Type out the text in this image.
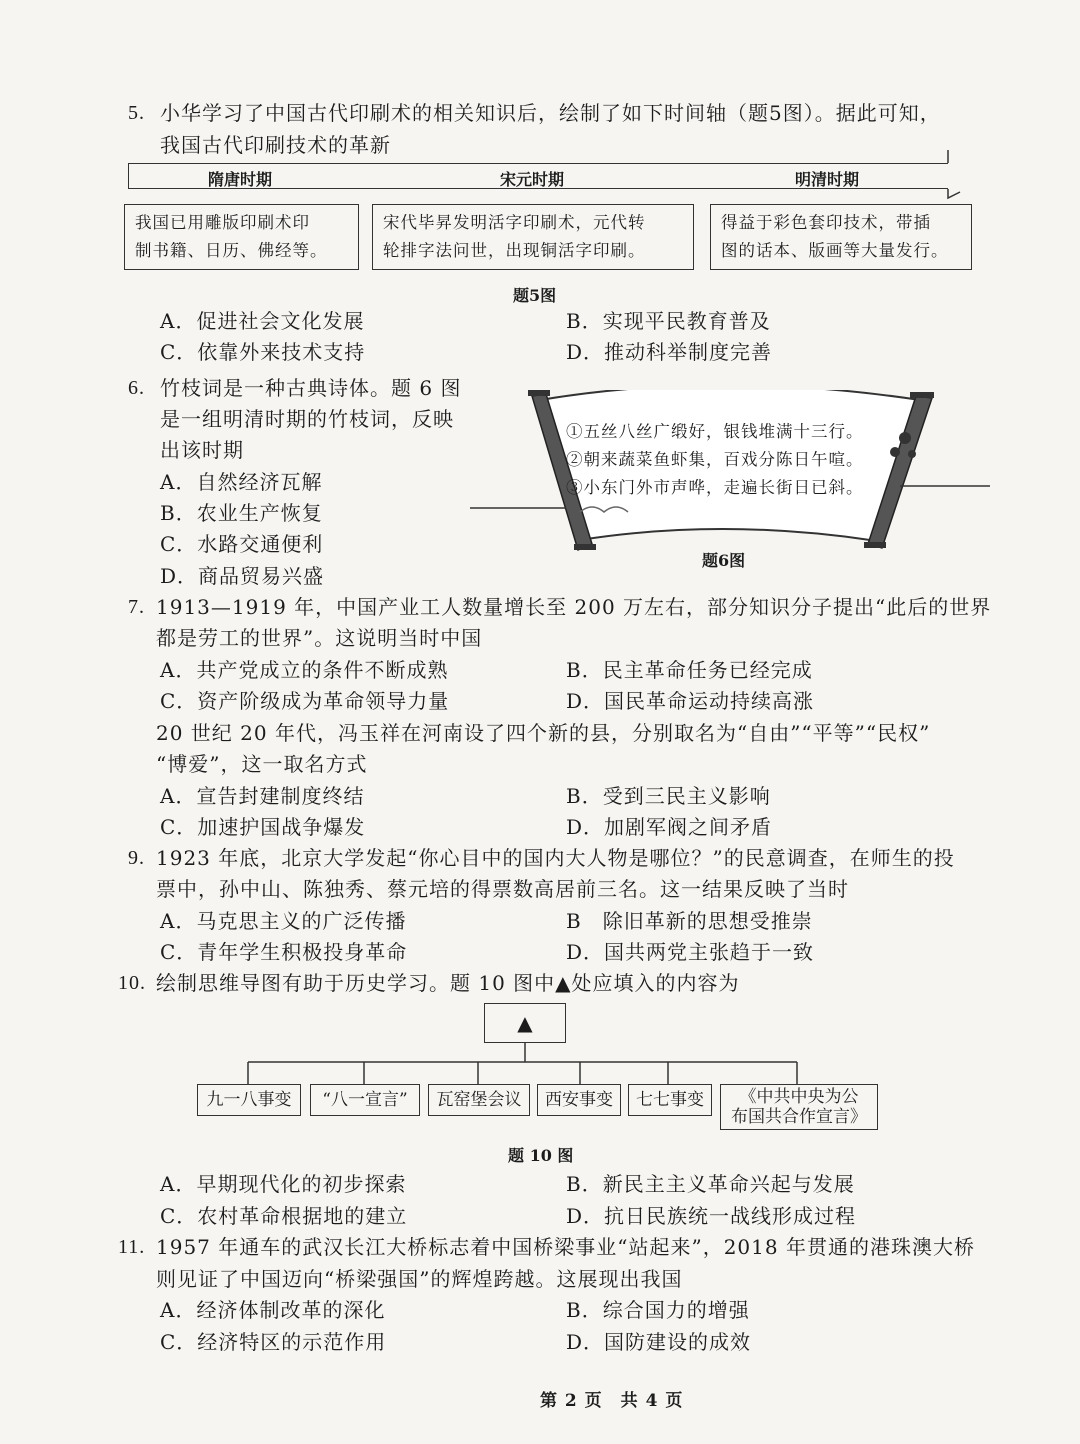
5. 小华学习了中国古代印刷术的相关知识后，绘制了如下时间轴（题5图）。据此可知，
我国古代印刷技术的革新
隋唐时期	宋元时期	明清时期
我国已用雕版印刷术印
制书籍、日历、佛经等。
宋代毕昇发明活字印刷术，元代转
轮排字法问世，出现铜活字印刷。
得益于彩色套印技术，带插
图的话本、版画等大量发行。
题5图
A．促进社会文化发展	B．实现平民教育普及
C．依靠外来技术支持	D．推动科举制度完善
6. 竹枝词是一种古典诗体。题 6 图
是一组明清时期的竹枝词，反映
出该时期
A．自然经济瓦解
B．农业生产恢复
C．水路交通便利
D．商品贸易兴盛
①五丝八丝广缎好，银钱堆满十三行。
②朝来蔬菜鱼虾集，百戏分陈日午喧。
③小东门外市声哗，走遍长街日已斜。
题6图
7. 1913—1919 年，中国产业工人数量增长至 200 万左右，部分知识分子提出“此后的世界
都是劳工的世界”。这说明当时中国
A．共产党成立的条件不断成熟	B．民主革命任务已经完成
C．资产阶级成为革命领导力量	D．国民革命运动持续高涨
20 世纪 20 年代，冯玉祥在河南设了四个新的县，分别取名为“自由”“平等”“民权”
“博爱”，这一取名方式
A．宣告封建制度终结	B．受到三民主义影响
C．加速护国战争爆发	D．加剧军阀之间矛盾
9. 1923 年底，北京大学发起“你心目中的国内大人物是哪位？”的民意调查，在师生的投
票中，孙中山、陈独秀、蔡元培的得票数高居前三名。这一结果反映了当时
A．马克思主义的广泛传播	B　除旧革新的思想受推崇
C．青年学生积极投身革命	D．国共两党主张趋于一致
10. 绘制思维导图有助于历史学习。题 10 图中▲处应填入的内容为
▲
九一八事变	“八一宣言”	瓦窑堡会议	西安事变	七七事变	《中共中央为公
布国共合作宣言》
题 10 图
A．早期现代化的初步探索	B．新民主主义革命兴起与发展
C．农村革命根据地的建立	D．抗日民族统一战线形成过程
11. 1957 年通车的武汉长江大桥标志着中国桥梁事业“站起来”，2018 年贯通的港珠澳大桥
则见证了中国迈向“桥梁强国”的辉煌跨越。这展现出我国
A．经济体制改革的深化	B．综合国力的增强
C．经济特区的示范作用	D．国防建设的成效
第 2 页　共 4 页
